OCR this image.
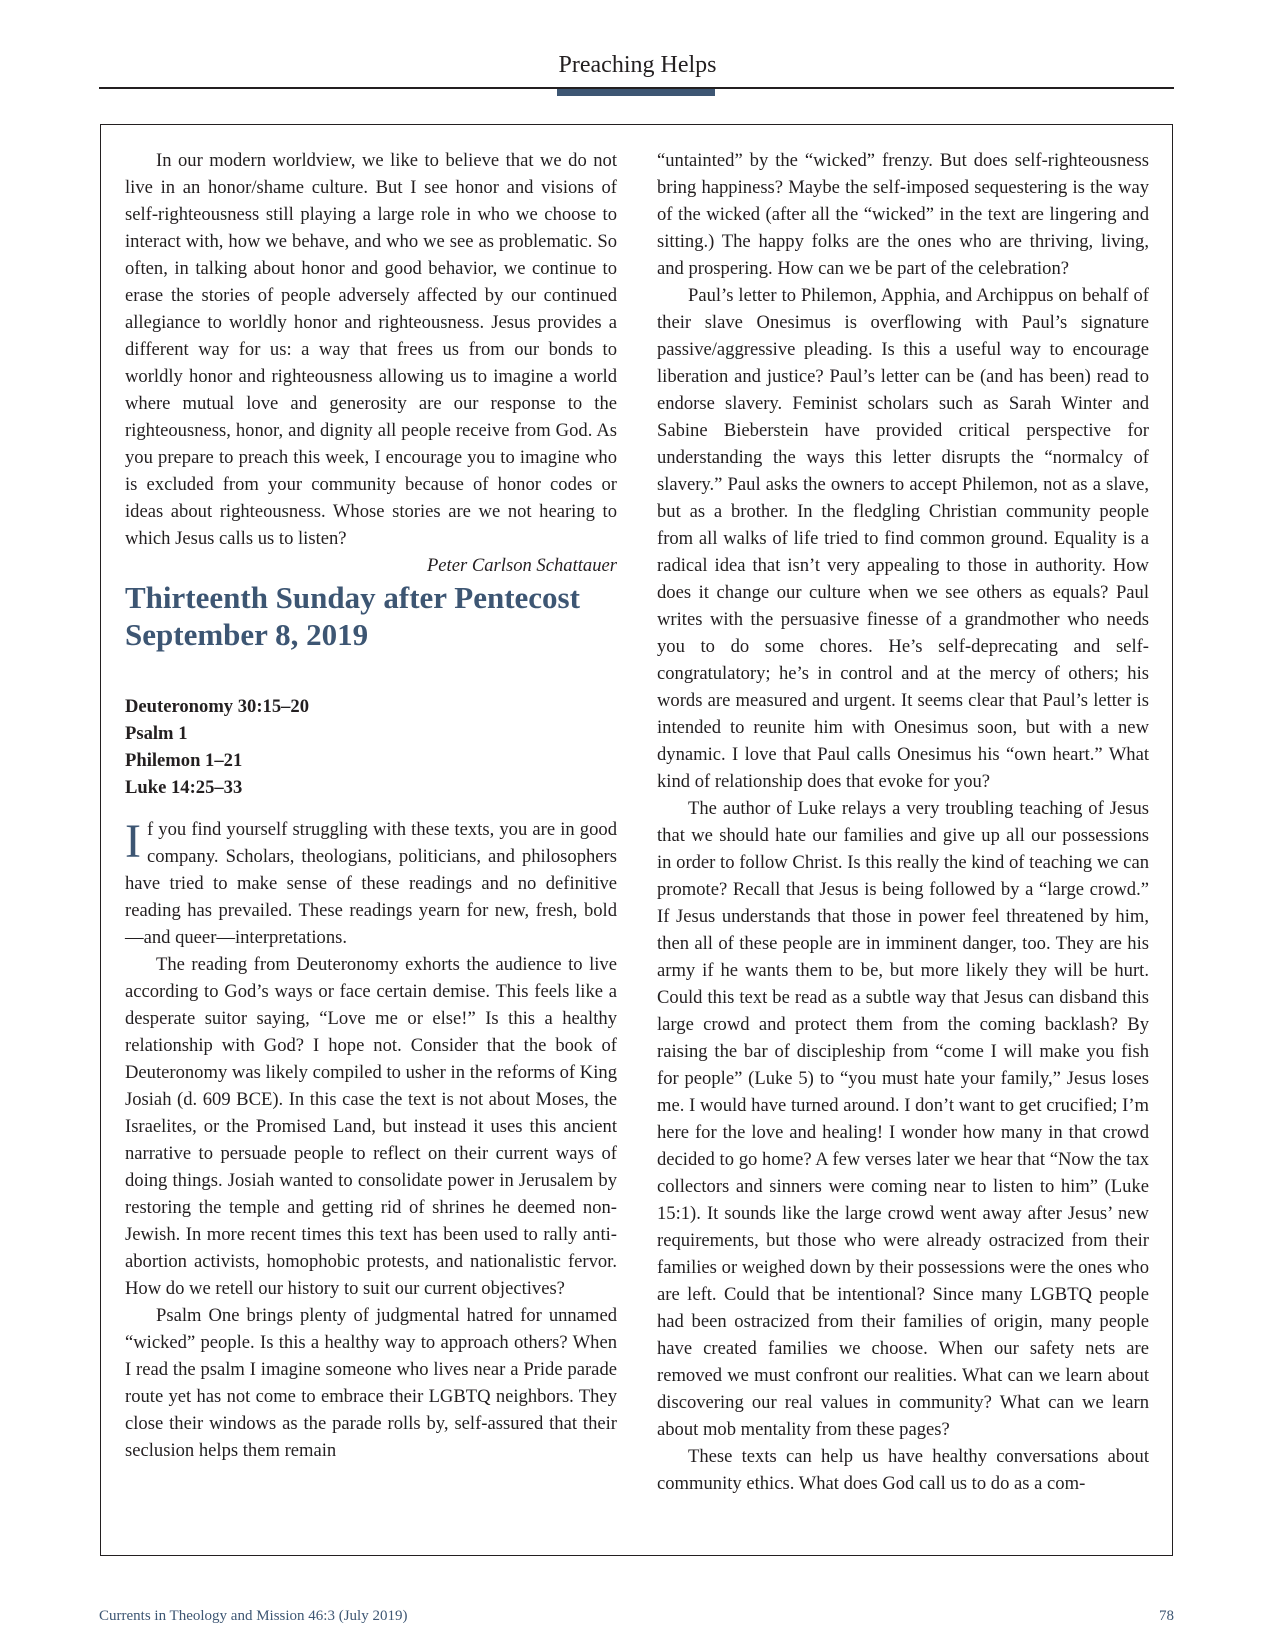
Preaching Helps

In our modern worldview, we like to believe that we do not live in an honor/shame culture. But I see honor and visions of self-righteousness still playing a large role in who we choose to interact with, how we behave, and who we see as problematic. So often, in talking about honor and good behavior, we continue to erase the stories of people adversely affected by our continued allegiance to worldly honor and righteousness. Jesus provides a different way for us: a way that frees us from our bonds to worldly honor and righteousness allowing us to imagine a world where mutual love and generosity are our response to the righteousness, honor, and dignity all people receive from God. As you prepare to preach this week, I encourage you to imagine who is excluded from your community because of honor codes or ideas about righteousness. Whose stories are we not hearing to which Jesus calls us to listen?

Peter Carlson Schattauer

Thirteenth Sunday after Pentecost
September 8, 2019
Deuteronomy 30:15–20
Psalm 1
Philemon 1–21
Luke 14:25–33

If you find yourself struggling with these texts, you are in good company. Scholars, theologians, politicians, and philosophers have tried to make sense of these readings and no definitive reading has prevailed. These readings yearn for new, fresh, bold—and queer—interpretations.

The reading from Deuteronomy exhorts the audience to live according to God’s ways or face certain demise. This feels like a desperate suitor saying, “Love me or else!” Is this a healthy relationship with God? I hope not. Consider that the book of Deuteronomy was likely compiled to usher in the reforms of King Josiah (d. 609 BCE). In this case the text is not about Moses, the Israelites, or the Promised Land, but instead it uses this ancient narrative to persuade people to reflect on their current ways of doing things. Josiah wanted to consolidate power in Jerusalem by restoring the temple and getting rid of shrines he deemed non-Jewish. In more recent times this text has been used to rally anti-abortion activists, homophobic protests, and nationalistic fervor. How do we retell our history to suit our current objectives?

Psalm One brings plenty of judgmental hatred for unnamed “wicked” people. Is this a healthy way to approach others? When I read the psalm I imagine someone who lives near a Pride parade route yet has not come to embrace their LGBTQ neighbors. They close their windows as the parade rolls by, self-assured that their seclusion helps them remain

“untainted” by the “wicked” frenzy. But does self-righteousness bring happiness? Maybe the self-imposed sequestering is the way of the wicked (after all the “wicked” in the text are lingering and sitting.) The happy folks are the ones who are thriving, living, and prospering. How can we be part of the celebration?

Paul’s letter to Philemon, Apphia, and Archippus on behalf of their slave Onesimus is overflowing with Paul’s signature passive/aggressive pleading. Is this a useful way to encourage liberation and justice? Paul’s letter can be (and has been) read to endorse slavery. Feminist scholars such as Sarah Winter and Sabine Bieberstein have provided critical perspective for understanding the ways this letter disrupts the “normalcy of slavery.” Paul asks the owners to accept Philemon, not as a slave, but as a brother. In the fledgling Christian community people from all walks of life tried to find common ground. Equality is a radical idea that isn’t very appealing to those in authority. How does it change our culture when we see others as equals? Paul writes with the persuasive finesse of a grandmother who needs you to do some chores. He’s self-deprecating and self-congratulatory; he’s in control and at the mercy of others; his words are measured and urgent. It seems clear that Paul’s letter is intended to reunite him with Onesimus soon, but with a new dynamic. I love that Paul calls Onesimus his “own heart.” What kind of relationship does that evoke for you?

The author of Luke relays a very troubling teaching of Jesus that we should hate our families and give up all our possessions in order to follow Christ. Is this really the kind of teaching we can promote? Recall that Jesus is being followed by a “large crowd.” If Jesus understands that those in power feel threatened by him, then all of these people are in imminent danger, too. They are his army if he wants them to be, but more likely they will be hurt. Could this text be read as a subtle way that Jesus can disband this large crowd and protect them from the coming backlash? By raising the bar of discipleship from “come I will make you fish for people” (Luke 5) to “you must hate your family,” Jesus loses me. I would have turned around. I don’t want to get crucified; I’m here for the love and healing! I wonder how many in that crowd decided to go home? A few verses later we hear that “Now the tax collectors and sinners were coming near to listen to him” (Luke 15:1). It sounds like the large crowd went away after Jesus’ new requirements, but those who were already ostracized from their families or weighed down by their possessions were the ones who are left. Could that be intentional? Since many LGBTQ people had been ostracized from their families of origin, many people have created families we choose. When our safety nets are removed we must confront our realities. What can we learn about discovering our real values in community? What can we learn about mob mentality from these pages?

These texts can help us have healthy conversations about community ethics. What does God call us to do as a com-

Currents in Theology and Mission 46:3 (July 2019)	78
